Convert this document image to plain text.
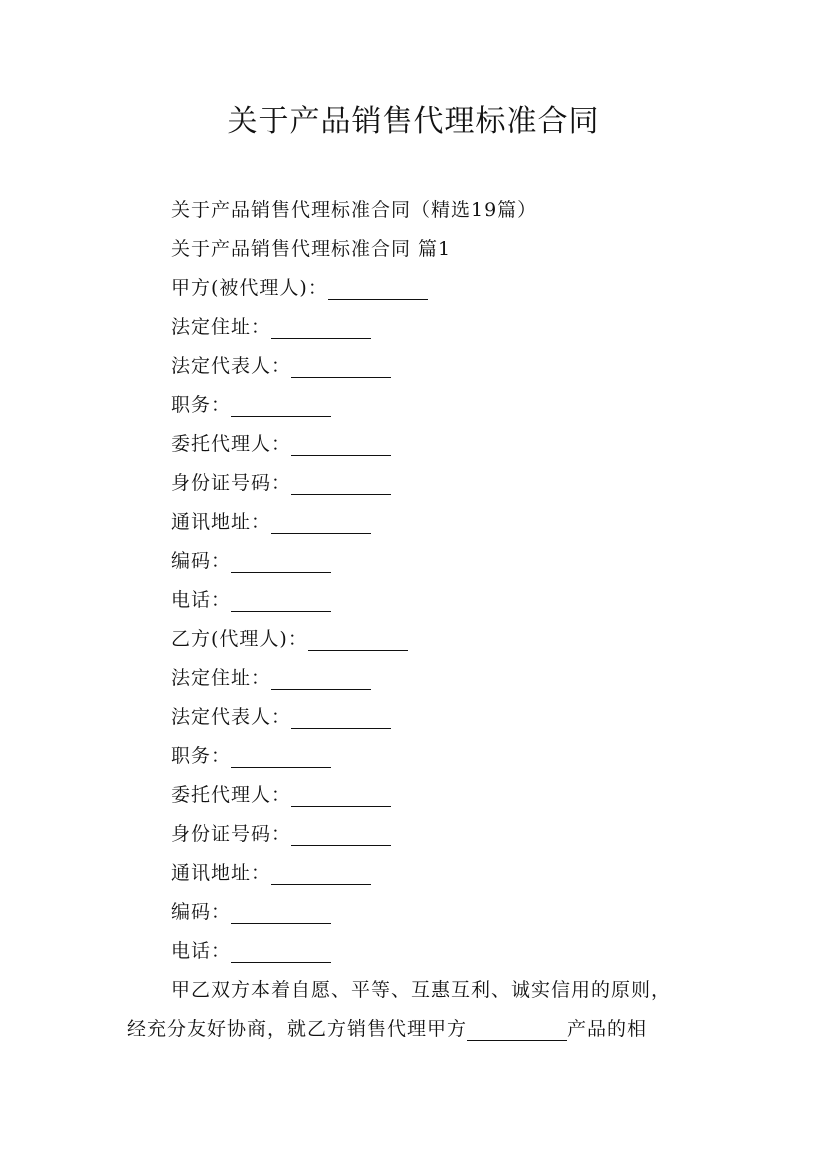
关于产品销售代理标准合同
关于产品销售代理标准合同（精选19篇）
关于产品销售代理标准合同 篇1
甲方(被代理人)：
法定住址：
法定代表人：
职务：
委托代理人：
身份证号码：
通讯地址：
编码：
电话：
乙方(代理人)：
法定住址：
法定代表人：
职务：
委托代理人：
身份证号码：
通讯地址：
编码：
电话：
甲乙双方本着自愿、平等、互惠互利、诚实信用的原则，
经充分友好协商，就乙方销售代理甲方	产品的相
